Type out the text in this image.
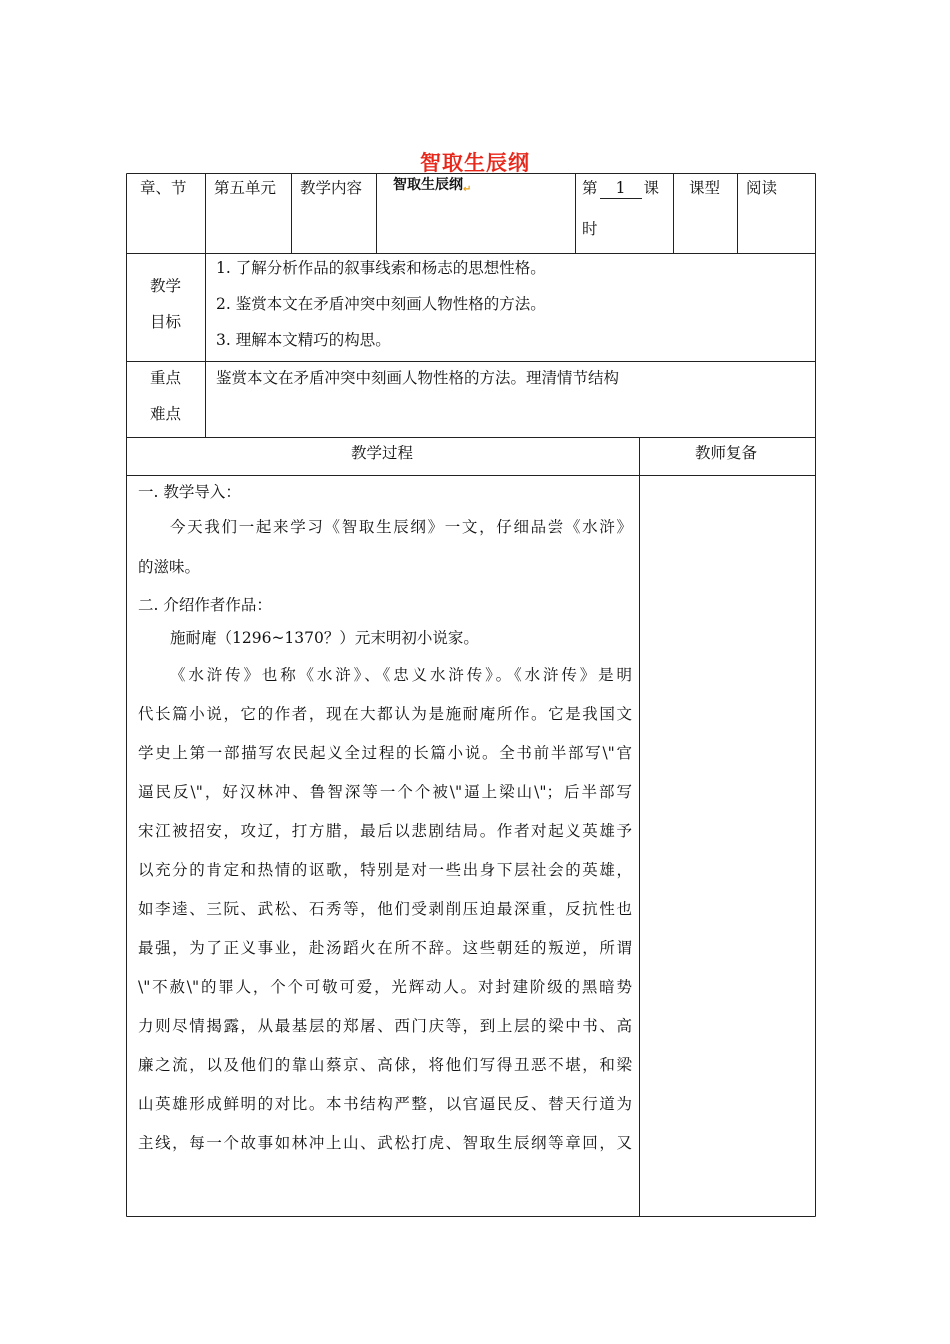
智取生辰纲
章、节 第五单元 教学内容 智取生辰纲$_↵$	第 1 课
时
课型 阅读
教学
目标
1. 了解分析作品的叙事线索和杨志的思想性格。
2. 鉴赏本文在矛盾冲突中刻画人物性格的方法。
3. 理解本文精巧的构思。
重点
难点
鉴赏本文在矛盾冲突中刻画人物性格的方法。理清情节结构
教学过程	教师复备
一. 教学导入：
今天我们一起来学习《智取生辰纲》一文，仔细品尝《水浒》
的滋味。
二. 介绍作者作品：
施耐庵（1296~1370？）元末明初小说家。
《水浒传》也称《水浒》、《忠义水浒传》。《水浒传》是明
代长篇小说，它的作者，现在大都认为是施耐庵所作。它是我国文
学史上第一部描写农民起义全过程的长篇小说。全书前半部写\"官
逼民反\"，好汉林冲、鲁智深等一个个被\"逼上梁山\"；后半部写
宋江被招安，攻辽，打方腊，最后以悲剧结局。作者对起义英雄予
以充分的肯定和热情的讴歌，特别是对一些出身下层社会的英雄，
如李逵、三阮、武松、石秀等，他们受剥削压迫最深重，反抗性也
最强，为了正义事业，赴汤蹈火在所不辞。这些朝廷的叛逆，所谓
\"不赦\"的罪人，个个可敬可爱，光辉动人。对封建阶级的黑暗势
力则尽情揭露，从最基层的郑屠、西门庆等，到上层的梁中书、高
廉之流，以及他们的靠山蔡京、高俅，将他们写得丑恶不堪，和梁
山英雄形成鲜明的对比。本书结构严整，以官逼民反、替天行道为
主线，每一个故事如林冲上山、武松打虎、智取生辰纲等章回，又
